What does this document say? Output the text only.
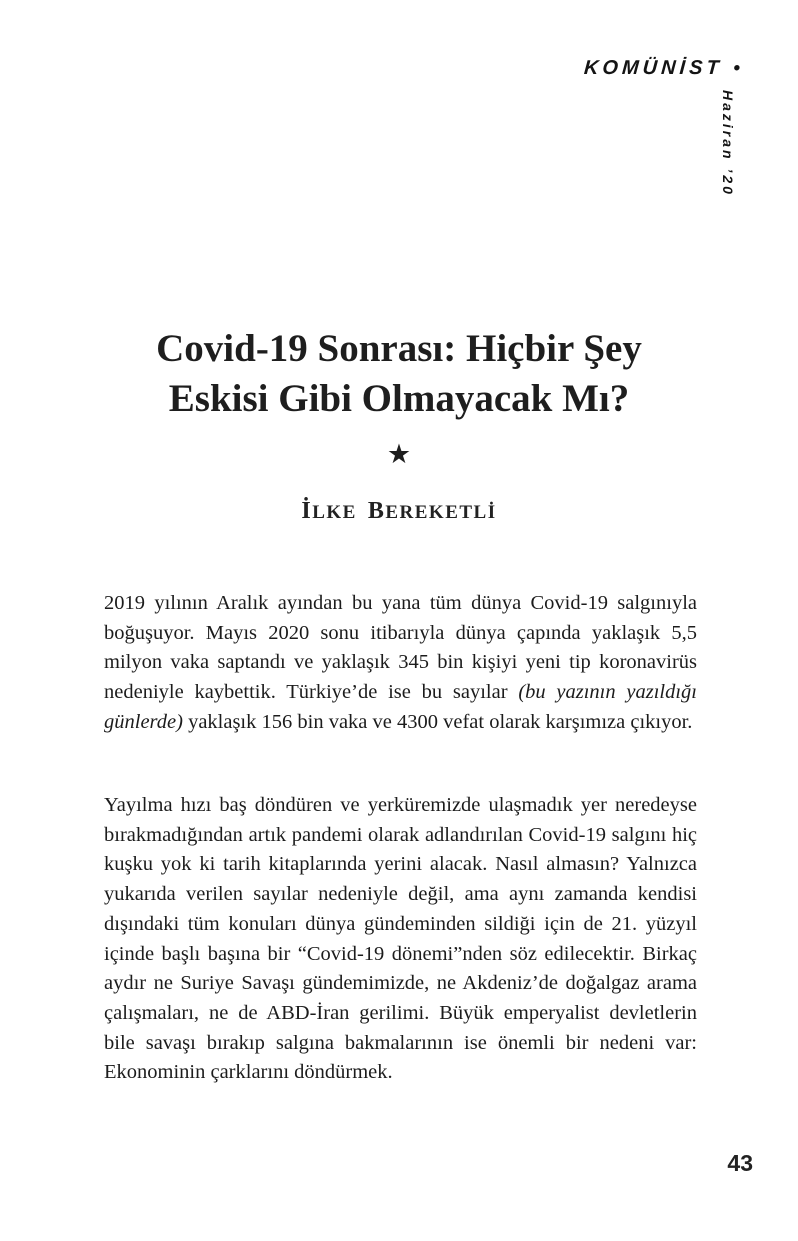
KOMÜNİST •
Haziran ’20
Covid-19 Sonrası: Hiçbir Şey
Eskisi Gibi Olmayacak Mı?
★
İLKE BEREKETLİ

2019 yılının Aralık ayından bu yana tüm dünya Covid-19 salgınıyla boğuşuyor. Mayıs 2020 sonu itibarıyla dünya çapında yaklaşık 5,5 milyon vaka saptandı ve yaklaşık 345 bin kişiyi yeni tip koronavirüs nedeniyle kaybettik. Türkiye’de ise bu sayılar (bu yazının yazıldığı günlerde) yaklaşık 156 bin vaka ve 4300 vefat olarak karşımıza çıkıyor.

Yayılma hızı baş döndüren ve yerküremizde ulaşmadık yer neredeyse bırakmadığından artık pandemi olarak adlandırılan Covid-19 salgını hiç kuşku yok ki tarih kitaplarında yerini alacak. Nasıl almasın? Yalnızca yukarıda verilen sayılar nedeniyle değil, ama aynı zamanda kendisi dışındaki tüm konuları dünya gündeminden sildiği için de 21. yüzyıl içinde başlı başına bir “Covid-19 dönemi”nden söz edilecektir. Birkaç aydır ne Suriye Savaşı gündemimizde, ne Akdeniz’de doğalgaz arama çalışmaları, ne de ABD-İran gerilimi. Büyük emperyalist devletlerin bile savaşı bırakıp salgına bakmalarının ise önemli bir nedeni var: Ekonominin çarklarını döndürmek.

43
